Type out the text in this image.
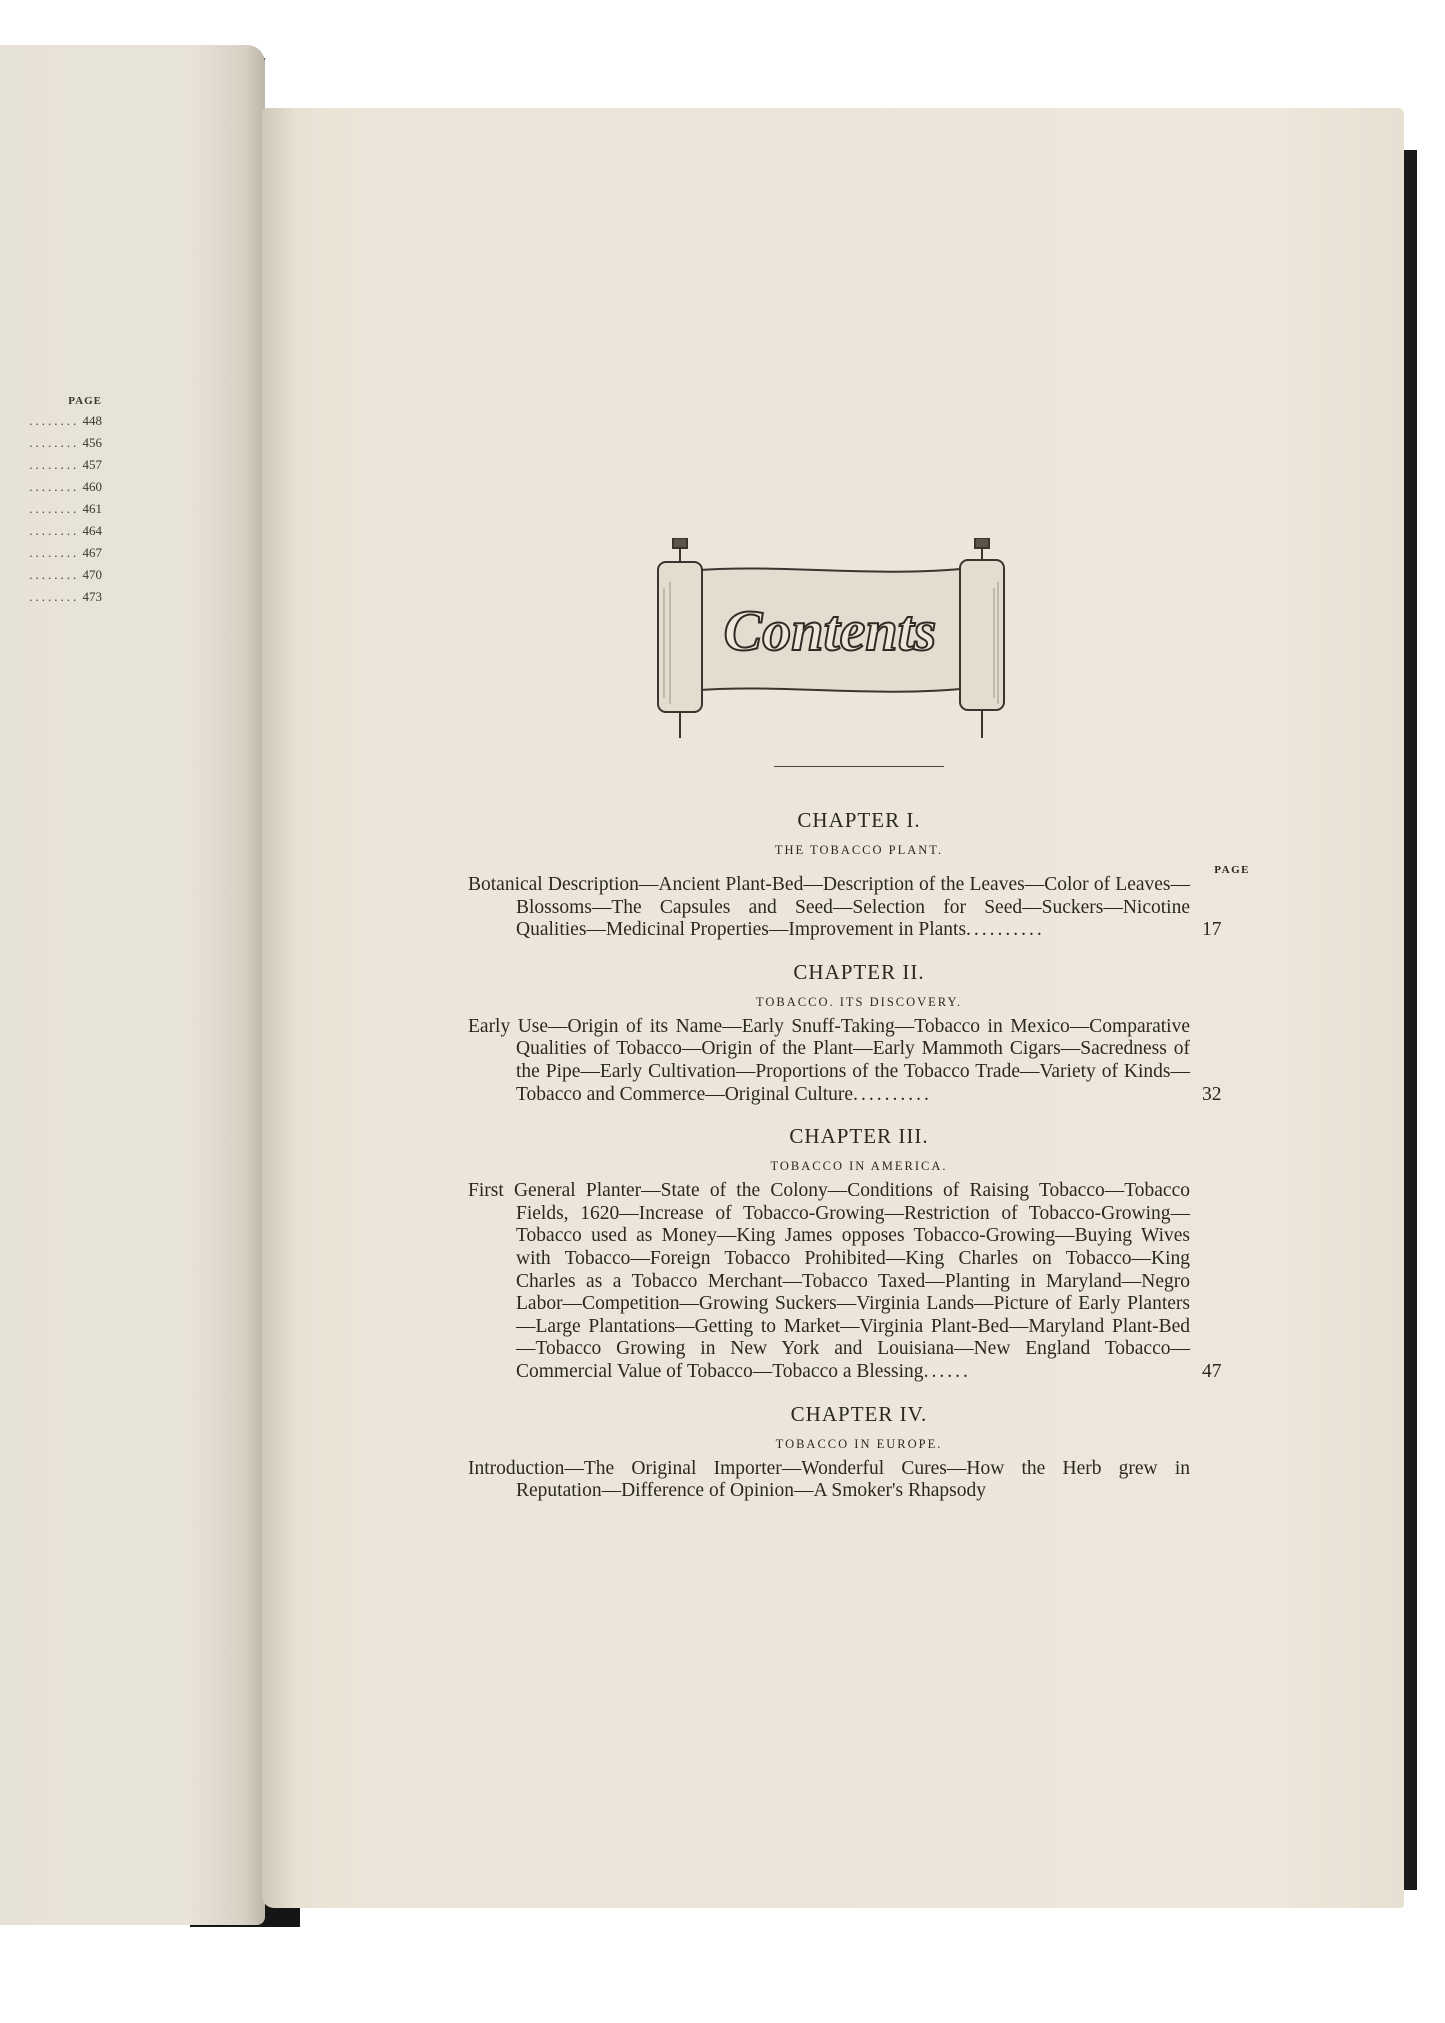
PAGE
........ 448
........ 456
........ 457
........ 460
........ 461
........ 464
........ 467
........ 470
........ 473
Contents
CHAPTER I.
THE TOBACCO PLANT.
PAGE
Botanical Description—Ancient Plant-Bed—Description of the Leaves—Color of Leaves—Blossoms—The Capsules and Seed—Selection for Seed—Suckers—Nicotine Qualities—Medicinal Properties—Improvement in Plants..........	17
CHAPTER II.
TOBACCO. ITS DISCOVERY.
Early Use—Origin of its Name—Early Snuff-Taking—Tobacco in Mexico—Comparative Qualities of Tobacco—Origin of the Plant—Early Mammoth Cigars—Sacredness of the Pipe—Early Cultivation—Proportions of the Tobacco Trade—Variety of Kinds—Tobacco and Commerce—Original Culture..........	32
CHAPTER III.
TOBACCO IN AMERICA.
First General Planter—State of the Colony—Conditions of Raising Tobacco—Tobacco Fields, 1620—Increase of Tobacco-Growing—Restriction of Tobacco-Growing—Tobacco used as Money—King James opposes Tobacco-Growing—Buying Wives with Tobacco—Foreign Tobacco Prohibited—King Charles on Tobacco—King Charles as a Tobacco Merchant—Tobacco Taxed—Planting in Maryland—Negro Labor—Competition—Growing Suckers—Virginia Lands—Picture of Early Planters—Large Plantations—Getting to Market—Virginia Plant-Bed—Maryland Plant-Bed—Tobacco Growing in New York and Louisiana—New England Tobacco—Commercial Value of Tobacco—Tobacco a Blessing......	47
CHAPTER IV.
TOBACCO IN EUROPE.
Introduction—The Original Importer—Wonderful Cures—How the Herb grew in Reputation—Difference of Opinion—A Smoker's Rhapsody
